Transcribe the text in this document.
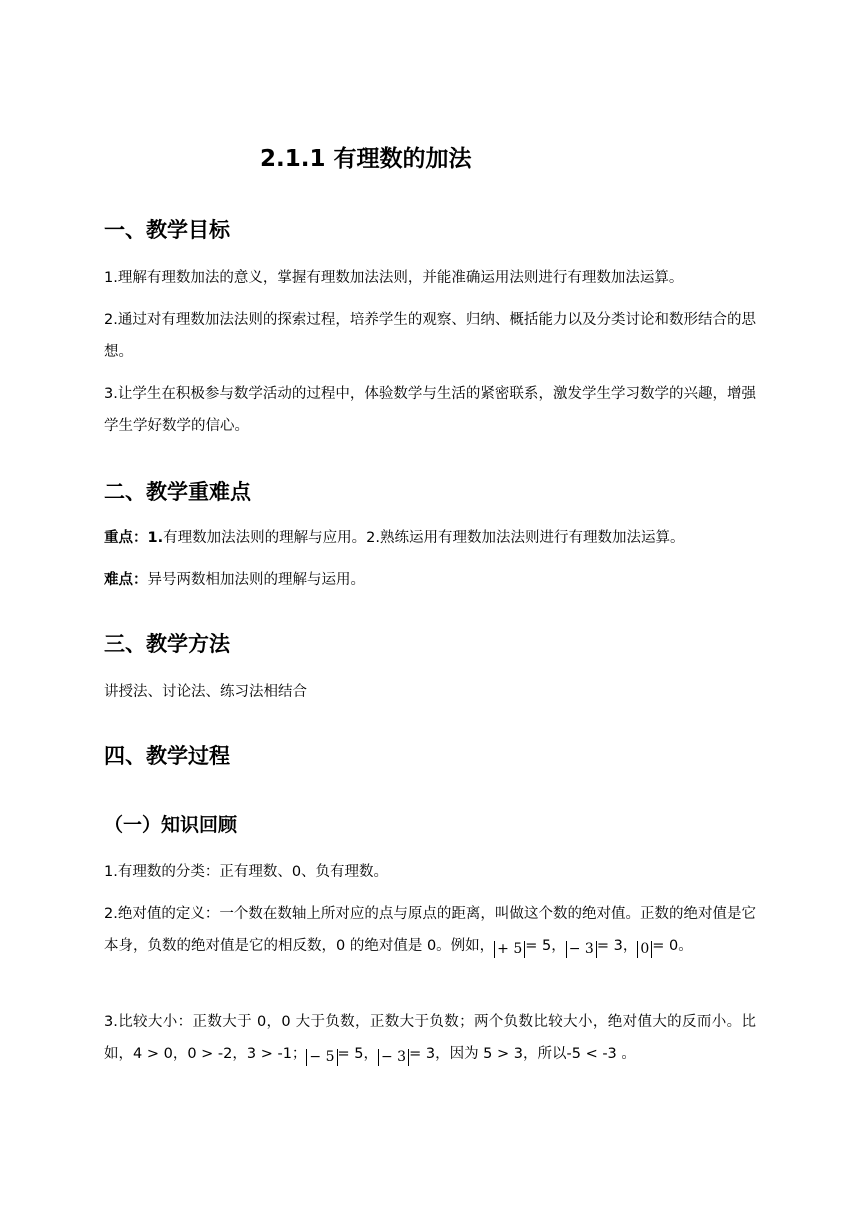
2.1.1 有理数的加法
一、教学目标

1.理解有理数加法的意义，掌握有理数加法法则，并能准确运用法则进行有理数加法运算。

2.通过对有理数加法法则的探索过程，培养学生的观察、归纳、概括能力以及分类讨论和数形结合的思想。

3.让学生在积极参与数学活动的过程中，体验数学与生活的紧密联系，激发学生学习数学的兴趣，增强学生学好数学的信心。

二、教学重难点

重点：1.有理数加法法则的理解与应用。2.熟练运用有理数加法法则进行有理数加法运算。

难点：异号两数相加法则的理解与运用。

三、教学方法

讲授法、讨论法、练习法相结合

四、教学过程
（一）知识回顾

1.有理数的分类：正有理数、0、负有理数。

2.绝对值的定义：一个数在数轴上所对应的点与原点的距离，叫做这个数的绝对值。正数的绝对值是它本身，负数的绝对值是它的相反数，0 的绝对值是 0。例如， + 5 = 5， − 3 = 3， 0 = 0。

3.比较大小：正数大于 0，0 大于负数，正数大于负数；两个负数比较大小，绝对值大的反而小。比如，4 > 0，0 > -2，3 > -1； − 5 = 5， − 3 = 3，因为 5 > 3，所以-5 < -3 。
